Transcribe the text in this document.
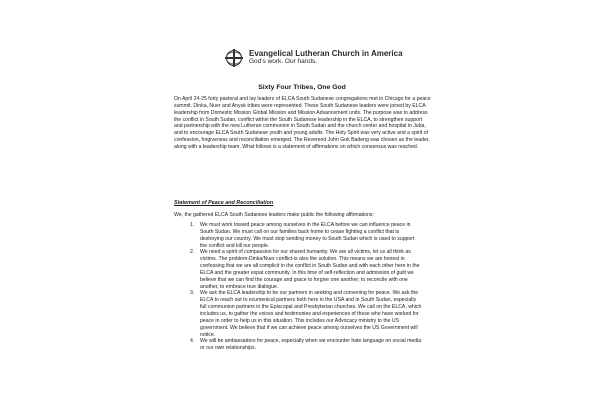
Evangelical Lutheran Church in America
God's work. Our hands.
Sixty Four Tribes, One God

On April 24-25 forty pastoral and lay leaders of ELCA South Sudanese congregations met in Chicago for a peace summit. Dinka, Nuer and Anyuk tribes were represented. These South Sudanese leaders were joined by ELCA leadership from Domestic Mission Global Mission and Mission Advancement units. The purpose was to address the conflict in South Sudan, conflict within the South Sudanese leadership in the ELCA, to strengthen support and partnership with the new Lutheran communion in South Sudan and the church center and hospital in Juba, and to encourage ELCA South Sudanese youth and young adults. The Holy Spirit was very active and a spirit of confession, forgiveness and reconciliation emerged. The Reverend John Gok Badeng was chosen as the leader, along with a leadership team. What follows is a statement of affirmations on which consensus was reached.

Statement of Peace and Reconciliation

We, the gathered ELCA South Sudanese leaders make public the following affirmations:

1. We must work toward peace among ourselves in the ELCA before we can influence peace in South Sudan. We must call on our families back home to cease fighting a conflict that is destroying our country. We must stop sending money to South Sudan which is used to support the conflict and kill our people.
2. We need a spirit of compassion for our shared humanity. We are all victims, let us all think as victims. The problem-Dinka/Nuer conflict-is also the solution. This means we are honest in confessing that we are all complicit in the conflict in South Sudan and with each other here in the ELCA and the greater expat community. In this time of self-reflection and admission of guilt we believe that we can find the courage and grace to forgive one another; to reconcile with one another, to embrace true dialogue.
3. We ask the ELCA leadership to be our partners in seeking and convening for peace. We ask the ELCA to reach out to ecumenical partners both here in the USA and in South Sudan, especially full communion partners in the Episcopal and Presbyterian churches. We call on the ELCA, which includes us, to gather the voices and testimonies and experiences of those who have worked for peace in order to help us in this situation. This includes our Advocacy ministry to the US government. We believe that if we can achieve peace among ourselves the US Government will notice.
4. We will be ambassadors for peace, especially when we encounter hate language on social media or our own relationships.
